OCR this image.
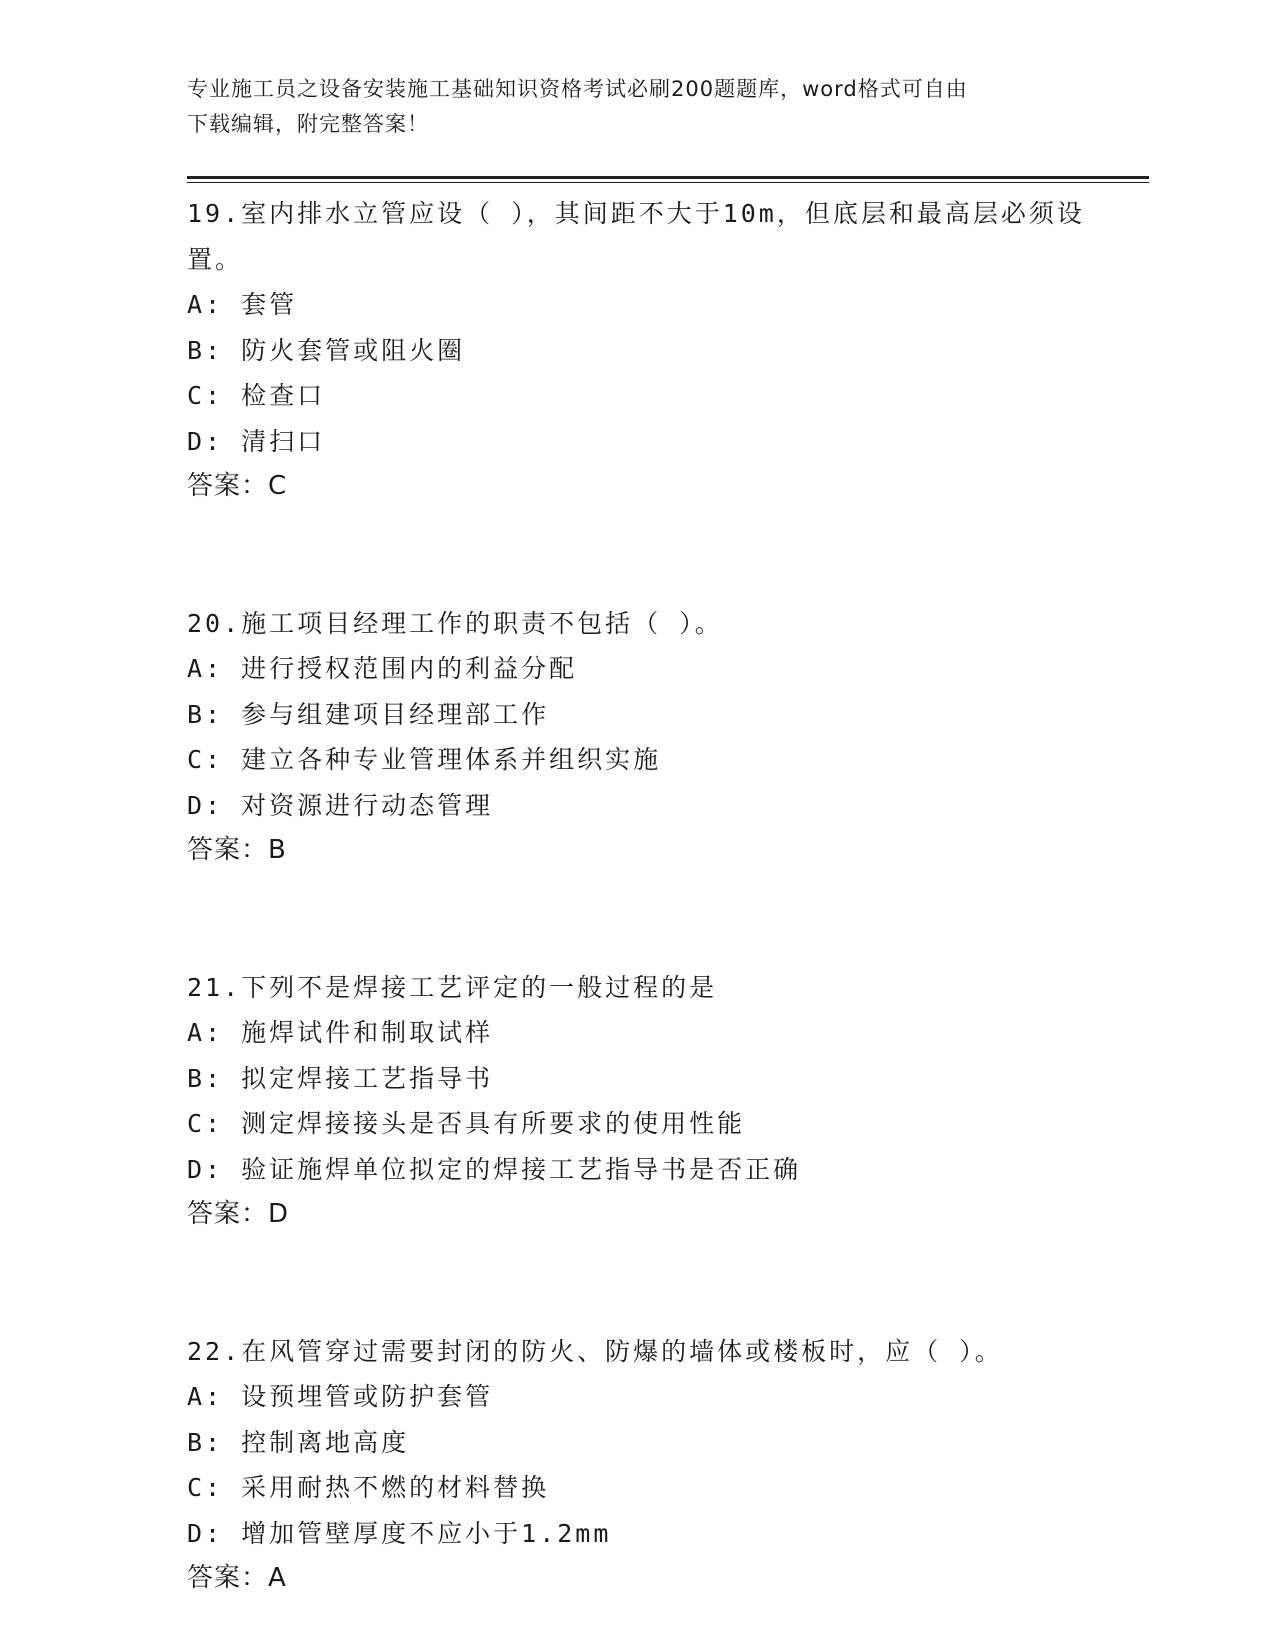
专业施工员之设备安装施工基础知识资格考试必刷200题题库，word格式可自由
下载编辑，附完整答案！
19.室内排水立管应设（ ），其间距不大于10m，但底层和最高层必须设置。
A: 套管
B: 防火套管或阻火圈
C: 检查口
D: 清扫口
答案：C
20.施工项目经理工作的职责不包括（ ）。
A: 进行授权范围内的利益分配
B: 参与组建项目经理部工作
C: 建立各种专业管理体系并组织实施
D: 对资源进行动态管理
答案：B
21.下列不是焊接工艺评定的一般过程的是
A: 施焊试件和制取试样
B: 拟定焊接工艺指导书
C: 测定焊接接头是否具有所要求的使用性能
D: 验证施焊单位拟定的焊接工艺指导书是否正确
答案：D
22.在风管穿过需要封闭的防火、防爆的墙体或楼板时，应（ ）。
A: 设预埋管或防护套管
B: 控制离地高度
C: 采用耐热不燃的材料替换
D: 增加管壁厚度不应小于1.2mm
答案：A
